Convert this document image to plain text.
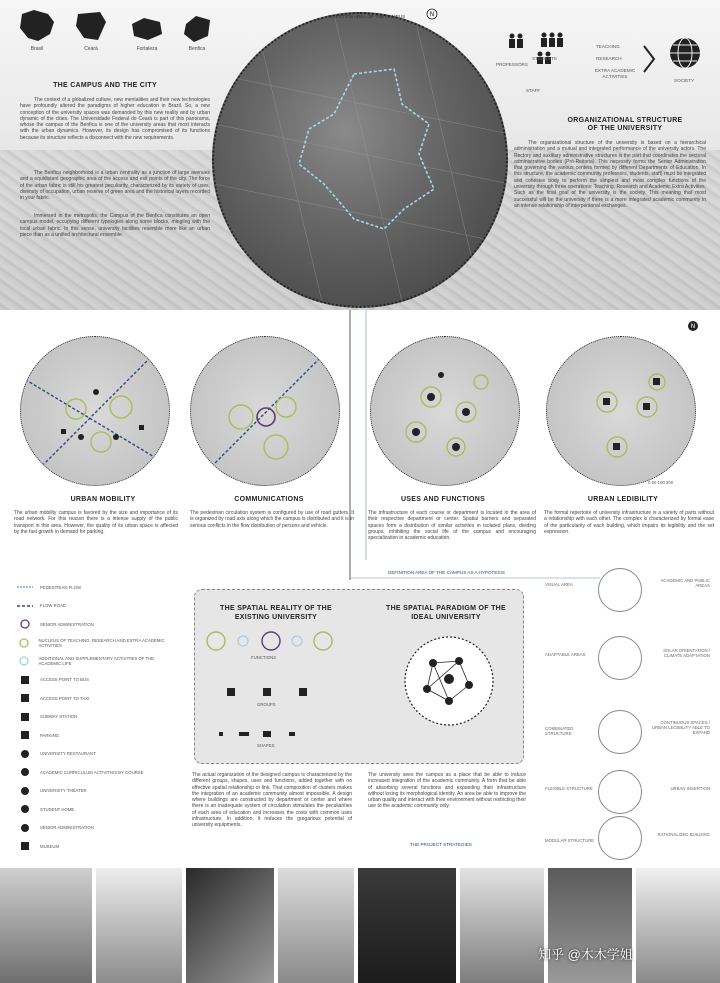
Brasil	Ceará	Fortaleza	Benfica
THE CAMPUS AND THE CITY
The context of a globalized culture, new mentalities and their new technologies have profoundly altered the paradigms of higher education in Brazil. So, a new conception of the university spaces was demanded by this new reality and by urban dynamic of the cities. The Universidade Federal do Ceará is part of this panorama, whose the campus of the Benfica is one of the university areas that most interacts with the urban dynamics. However, its design has compromised of its functions because its structure reflects a disconnect with the new requirements.
The Benfica neighborhood is a urban centrality as a junction of large avenues and a equidistant geographic area of the access and exit points of the city. The force of the urban fabric is still his greatest peculiarity, characterized by its variety of uses, diversity of occupation, urban reserve of green area and the historical layers recorded in your fabric.
Immersed in the metropolis, the Campus of the Benfica constitutes an open campus model, occupying different typologies along some blocks, mingling with the local urban fabric. In this sense, university facilities resemble more like an urban piece than as a unified architectural ensemble.
PROFESSORS
STUDENTS
STAFF
TEACHING
RESEARCH
EXTRA ACADEMIC ACTIVITIES
SOCIETY
ORGANIZATIONAL STRUCTURE
OF THE UNIVERSITY
The organizational structure of the university is based on a hierarchical administration and a mutual and integrated performance of the university actors. The Rectory and auxiliary administrative structures is the part that coordinates the sectoral administrative bodies (Pró-Reitoria). This necessity forms the Senior Administration that governing the various centers formed by different Departments of Education. In this structure, the academic community professors, students, staff) must be integrated and cohesive body to perform the simplest and most complex functions of the university through three operations: Teaching, Research and Academic Extra Activities. Such as the final goal of the university is the society. This meaning that most successful will be the university if there is a more integrated academic community in an intense relationship of interpersonal exchanges.
INSERTION AREA OF THE CAMPUS	N
N
0 50 100 200
URBAN MOBILITY
The urban mobility campus is favored by the size and importance of its road network. For this reason there is a intense supply of the public transport in this area. However, the quality of its urban space is affected by the fast growth in demand for parking.
COMMUNICATIONS
The pedestrian circulation system is configured by use of road gutters. It is organized by road axis along which the campus is distributed and it is in serious conflicts in the flow distribution of persons and vehicle.
USES AND FUNCTIONS
The infrastructure of each course or department is located in the area of their respective department or center. Spatial barriers and separated spaces form a distribution of similar activities in isolated plans, dividing groups, inhibiting the social life of the campus and encouraging specialization in academic education.
URBAN LEDIBILITY
The formal repertoire of university infrastructure is a variety of parts without a relationship with each other. The complex is characterized by formal ease of the particularity of each building, which impairs its legibility and the set expression.
PEDESTRIAN FLOW
FLOW ROAD
SENIOR ADMINISTRATION
NUCLEUS OF TEACHING, RESEARCH AND EXTRA ACADEMIC ACTIVITIES
ADDITIONAL AND SUPPLEMENTARY ACTIVITIES OF THE ACADEMIC LIFE
ACCESS POINT TO BUS
ACCESS POINT TO TAXI
SUBWAY STATION
PARKING
UNIVERSITY RESTAURANT
ACADEMIC CURRICULUM ACTIVITIES BY COURSE
UNIVERSITY THEATER
STUDENT HOME
SENIOR ADMINISTRATION
MUSEUM
DEFINITION AREA OF THE CAMPUS AS A HYPOTESIS
THE SPATIAL REALITY OF THE
EXISTING UNIVERSITY
THE SPATIAL PARADIGM OF THE
IDEAL UNIVERSITY
FUNCTIONS
GROUPS
SHAPES
The actual organization of the designed campus is characterized by the different groups, shapes, uses and functions, added together with no effective spatial relationship or link. That composition of clusters makes the integration of an academic community almost impossible. A design where buildings are constructed by department or center and where there is an inadequate system of circulation stimulates the peculiarities of each area of education and increases the costs with common uses infrastructure. In addition, it reduces the gregarious potential of university equipments.
The university sees the campus as a place that be able to induce increased integration of the academic community. A form that be able of absorbing several functions and expanding their infrastructure without losing its morphological identity. An area be able to improve the urban quality and interact with their environment without restricting their use to the academic community only.
THE PROJECT STRATEGIES
VISUAL AREA
ACADEMIC AND PUBLIC AREAS
ADAPTABLE AREAS
SOLAR ORIENTATION / CLIMATE ADAPTATION
COMBINATED STRUCTURE
CONTINUOUS SPACES / URBAN LEGIBILITY ABLE TO EXPAND
FLEXIBLE STRUCTURE	URBAN INSERTION
MODULAR STRUCTURE
RATIONALIZED BUILDING
知乎 @木木学姐
